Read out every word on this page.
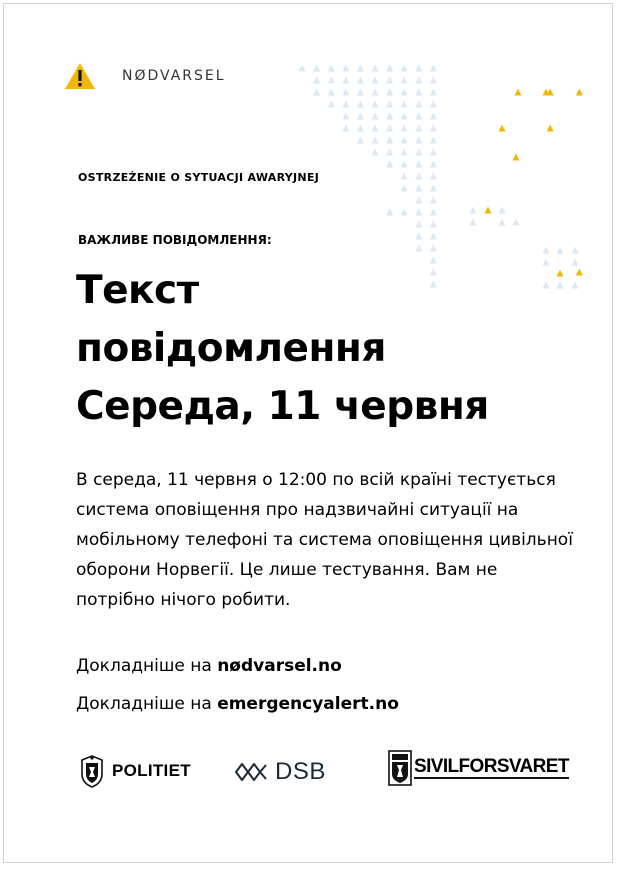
NØDVARSEL
OSTRZEŻENIE O SYTUACJI AWARYJNEJ
ВАЖЛИВЕ ПОВІДОМЛЕННЯ:
Текст
повідомлення
Середа, 11 червня

В середа, 11 червня о 12:00 по всій країні тестується система оповіщення про надзвичайні ситуації на мобільному телефоні та система оповіщення цивільної оборони Норвегії. Це лише тестування. Вам не потрібно нічого робити.

Докладніше на nødvarsel.no

Докладніше на emergencyalert.no

POLITIET	DSB	SIVILFORSVARET
